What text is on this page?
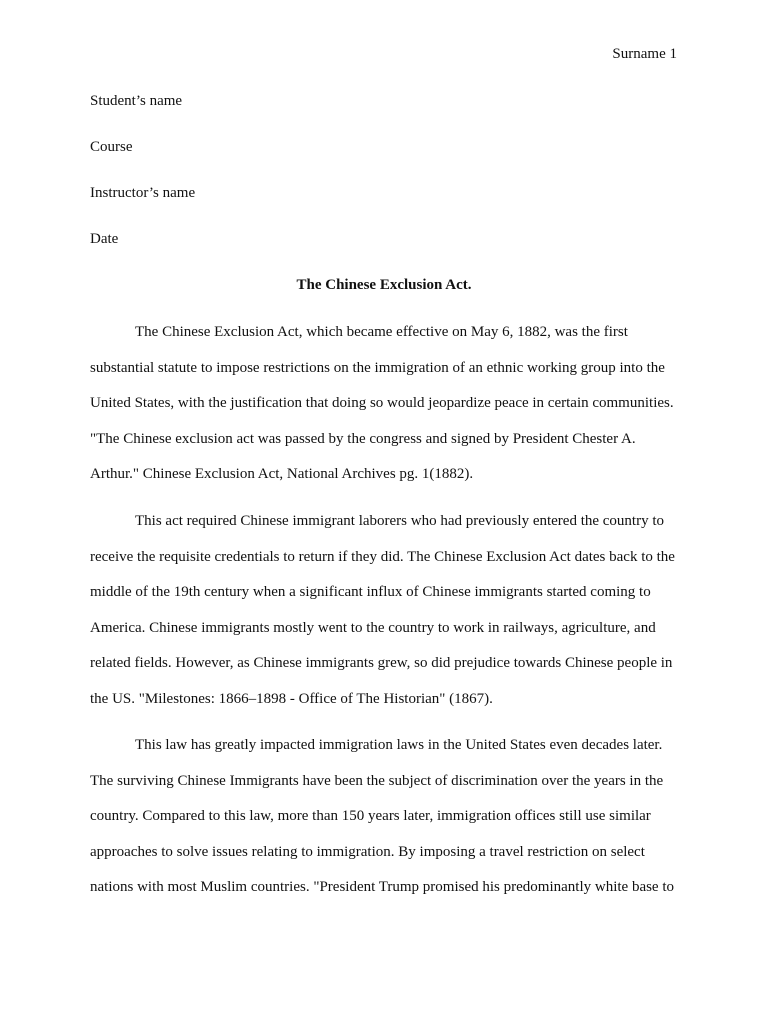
Surname 1
Student’s name
Course
Instructor’s name
Date
The Chinese Exclusion Act.
The Chinese Exclusion Act, which became effective on May 6, 1882, was the first
substantial statute to impose restrictions on the immigration of an ethnic working group into the
United States, with the justification that doing so would jeopardize peace in certain communities.
"The Chinese exclusion act was passed by the congress and signed by President Chester A.
Arthur." Chinese Exclusion Act, National Archives pg. 1(1882).
This act required Chinese immigrant laborers who had previously entered the country to
receive the requisite credentials to return if they did. The Chinese Exclusion Act dates back to the
middle of the 19th century when a significant influx of Chinese immigrants started coming to
America. Chinese immigrants mostly went to the country to work in railways, agriculture, and
related fields. However, as Chinese immigrants grew, so did prejudice towards Chinese people in
the US. "Milestones: 1866–1898 - Office of The Historian" (1867).
This law has greatly impacted immigration laws in the United States even decades later.
The surviving Chinese Immigrants have been the subject of discrimination over the years in the
country. Compared to this law, more than 150 years later, immigration offices still use similar
approaches to solve issues relating to immigration. By imposing a travel restriction on select
nations with most Muslim countries. "President Trump promised his predominantly white base to
